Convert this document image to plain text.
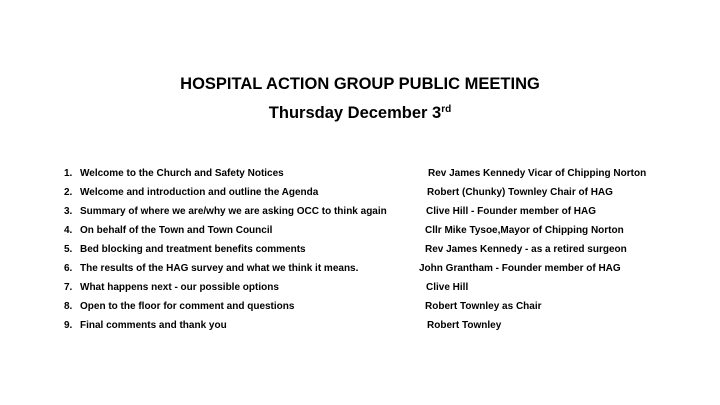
HOSPITAL ACTION GROUP PUBLIC MEETING
Thursday December 3rd
1. Welcome to the Church and Safety Notices	Rev James Kennedy Vicar of Chipping Norton
2. Welcome and introduction and outline the Agenda	Robert (Chunky) Townley Chair of HAG
3. Summary of where we are/why we are asking OCC to think again	Clive Hill - Founder member of HAG
4. On behalf of the Town and Town Council	Cllr Mike Tysoe,Mayor of Chipping Norton
5. Bed blocking and treatment benefits comments	Rev James Kennedy - as a retired surgeon
6. The results of the HAG survey and what we think it means.	John Grantham - Founder member of HAG
7. What happens next - our possible options	Clive Hill
8. Open to the floor for comment and questions	Robert Townley as Chair
9. Final comments and thank you	Robert Townley
